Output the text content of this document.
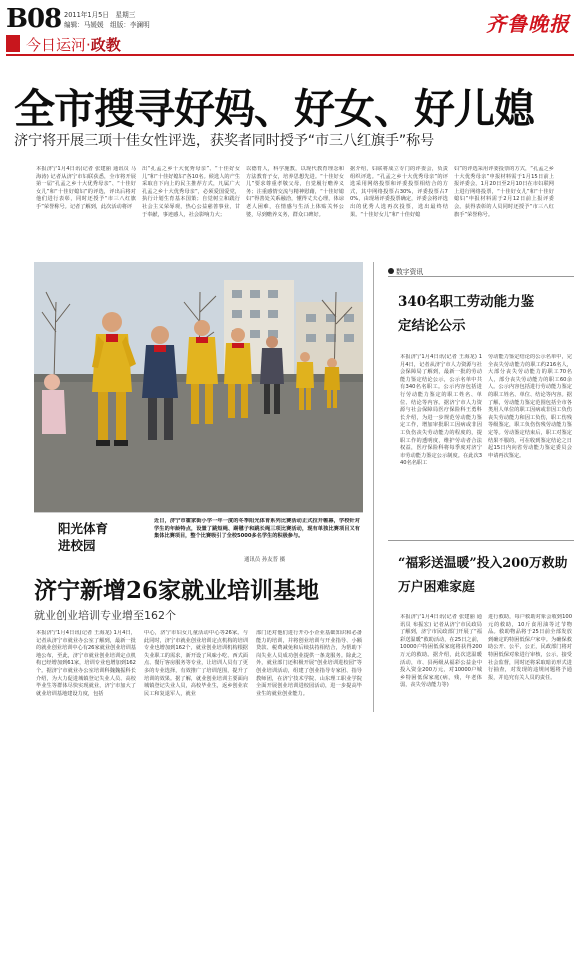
B08 2011年1月5日　星期三
编辑：马媛媛　组版：李澜明	齐鲁晚报
今日运河·政教
全市搜寻好妈、好女、好儿媳
济宁将开展三项十佳女性评选，获奖者同时授予“市三八红旗手”称号
本报济宁1月4日讯(记者 张建丽 通讯员 马海涛) 记者从济宁市妇联获悉，全市将开展第一届“孔孟之乡十大优秀母亲”、“十佳好女儿”和“十佳好媳妇”的评选，评出后将对他们进行表彰，同时还授予“市三八红旗手”荣誉称号。记者了解到，此次活动将评
出“孔孟之乡十大优秀母亲”、“十佳好女儿”和“十佳好媳妇”各10名。候选人的产生采取自下向上的民主推荐方式，凡属广大孔孟之乡十大优秀母亲”，必须爱国爱党，执行计划生育基本国策；自觉树立和践行社会主义荣辱观，热心公益慈善事业，甘于奉献，事迹感人，社会影响力大；
以德育人，科学施教，以现代教育理念和方法教育子女，培养思想先进。“十佳好女儿”要求尊重孝敬父母，自觉履行赡养义务；注重感情交流与精神慰藉，“十佳好媳妇”得善处关系融洽，懂得丈夫心理，体谅老人困难，在情感与生活上体贴关怀公婆，尽到赡养义务，群众口碑好。
据介绍，妇联将成立专门的评委会，负责组织评选。“孔孟之乡十大优秀母亲”的评选采用网络投票和评委投票相结合的方式，其中网络投票占30%，评委投票占70%，由现场评委投票确定，评委会将评选出的优秀人选再次投票，选出最终结果。“十佳好女儿”和“十佳好媳
妇”的评选采用评委投票的方式，“孔孟之乡十大优秀母亲”申报材料需于1月15日前上报评委会，1月20日至2月10日在市妇联网上进行网络投票，“十佳好女儿”和“十佳好媳妇”申报材料需于2月12日前上报评委会。获得表彰的人员同时还授予“市三八红旗手”荣誉称号。
阳光体育
进校园
近日，济宁市霍家街小学一年一度的冬季阳光体育系列比赛活动正式拉开帷幕，学校针对学生的年龄特点，设置了跳短绳、踢毽子和跳长绳三项比赛活动，现有单独比赛项目又有集体比赛项目，整个比赛吸引了全校5000多名学生的积极参与。
通讯员 孙友普 摄
数字资讯
340名职工劳动能力鉴定结论公示
本报济宁1月4日讯(记者 王海龙) 1月4日，记者从济宁市人力资源与社会保障局了解到，最新一批的劳动能力鉴定结论公示，公示名单中共有340名名职工。公示内容包括进行劳动能力鉴定的职工姓名、单位、结论等内容。据济宁市人力资源与社会保障局医疗保险科王勇科长介绍，为进一步规范劳动能力鉴定工作，增加审批职工因病或非因工负伤丧失劳动能力的程度的，提职工作的透明度，维护劳动者合法权益，医疗保险科将每季度对济宁市劳动能力鉴定公示制度。在此次340名名职工
劳动能力鉴定结论的公示名单中，完全丧失劳动能力的职工约216名人，大部分丧失劳动能力的职工70名人，部分丧失劳动能力的职工60余人。公示内容包括进行劳动能力鉴定的职工姓名、单位、结论等内容。据了解，劳动能力鉴定范围包括全市各类用人单位的职工因病或非因工负伤丧失劳动能力和因工负伤，职工伤残等级鉴定，职工负伤伤残劳动能力鉴定等。劳动鉴定结束后，职工对鉴定结果不服的，可在收到鉴定结论之日起15日内向省劳动能力鉴定委员会申请再次鉴定。
“福彩送温暖”投入200万救助万户困难家庭
本报济宁1月4日讯(记者 张建丽 通讯员 布振宏) 记者从济宁市民政局了解到，济宁市民政部门开展了“福彩送温暖”救助活动，在25日之前，10000户特困低保家庭将获得200万元的救助。据介绍，此次送温暖活动，市、县两级从福彩公益金中投入资金200万元，对10000户城乡特困低保家庭(病，残，年老体弱，丧失劳动能力等)
进行救助，每户救助对象会收到100元的救助，10斤食用油等过节物品。救助物品将于25日前全部发放到确定的特困低保户家中。为确保救助公开、公平，公正，民政部门将对特困低保对象进行审核，公示，接受社会监督，同时还将采取暗访形式进行抽查，对发现的违规问题将予通报，并追究有关人员的责任。
济宁新增26家就业培训基地
就业创业培训专业增至162个
本报济宁1月4日讯(记者 王海龙) 1月4日，记者从济宁市就业办公室了解到，最新一批的就业创业培训中心有26家就业创业培训基地公布，至此，济宁市就业创业培训定点机构已经增加到61家，培训专业也增加到162个。据济宁市就业办公室培训科魏魏振科长介绍，为大力促进城镇登记失业人员、高校毕业生等群体尽快实现就业，济宁市加大了就业培训基地建设力度，包括
中心，济宁市妇女儿童活动中心等26家。与此同时，济宁市就业创业培训定点机构的培训专业也增加到162个，就业创业培训机构根据失业职工的需求，新开设了风味小吃、西式面点、餐厅客房服务等专业，让培训人员有了更多的专业选择，有效推广了培训范围，提升了培训的效果。据了解，就业创业培训主要面向城镇登记失业人员，高校毕业生，返乡创业农民工和复退军人，就业
部门还对他们进行开办小企业基础知识和必备能力的培训，并将创业培训与开业指导、小额贷款、税费减免和后续扶持相结合，为帮助下岗失业人员成功创业提供一条龙服务。除此之外，就业部门还积极开展“创业培训进校园”等创业培训活动，组建了创业指导专家团、指导教师团，在济宁技术学院、山东理工职业学院全面开展创业培训进校园活动，进一步提高毕业生的就业创业能力。
